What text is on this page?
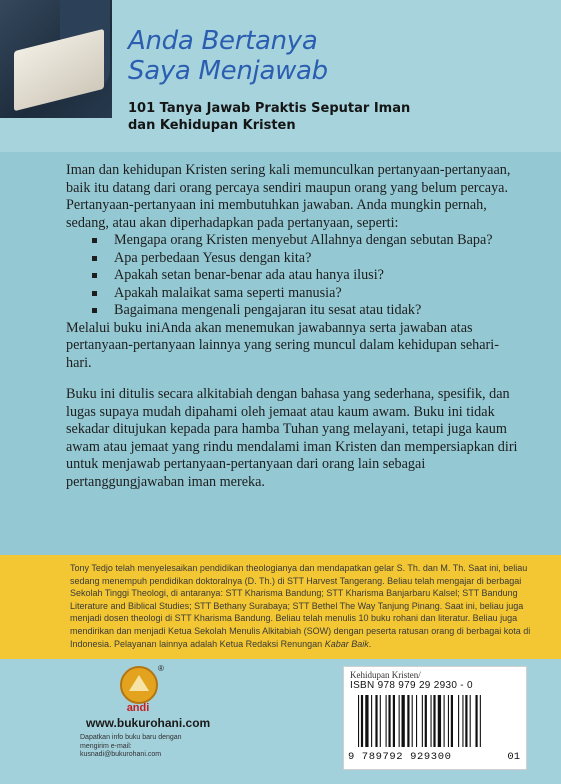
Anda Bertanya
Saya Menjawab

101 Tanya Jawab Praktis Seputar Iman
dan Kehidupan Kristen

Iman dan kehidupan Kristen sering kali memunculkan pertanyaan-pertanyaan, baik itu datang dari orang percaya sendiri maupun orang yang belum percaya. Pertanyaan-pertanyaan ini membutuhkan jawaban. Anda mungkin pernah, sedang, atau akan diperhadapkan pada pertanyaan, seperti:

Mengapa orang Kristen menyebut Allahnya dengan sebutan Bapa?
Apa perbedaan Yesus dengan kita?
Apakah setan benar-benar ada atau hanya ilusi?
Apakah malaikat sama seperti manusia?
Bagaimana mengenali pengajaran itu sesat atau tidak?

Melalui buku iniAnda akan menemukan jawabannya serta jawaban atas pertanyaan-pertanyaan lainnya yang sering muncul dalam kehidupan sehari-hari.

Buku ini ditulis secara alkitabiah dengan bahasa yang sederhana, spesifik, dan lugas supaya mudah dipahami oleh jemaat atau kaum awam. Buku ini tidak sekadar ditujukan kepada para hamba Tuhan yang melayani, tetapi juga kaum awam atau jemaat yang rindu mendalami iman Kristen dan mempersiapkan diri untuk menjawab pertanyaan-pertanyaan dari orang lain sebagai pertanggungjawaban iman mereka.

Tony Tedjo telah menyelesaikan pendidikan theologianya dan mendapatkan gelar S. Th. dan M. Th. Saat ini, beliau sedang menempuh pendidikan doktoralnya (D. Th.) di STT Harvest Tangerang. Beliau telah mengajar di berbagai Sekolah Tinggi Theologi, di antaranya: STT Kharisma Bandung; STT Kharisma Banjarbaru Kalsel; STT Bandung Literature and Biblical Studies; STT Bethany Surabaya; STT Bethel The Way Tanjung Pinang. Saat ini, beliau juga menjadi dosen theologi di STT Kharisma Bandung. Beliau telah menulis 10 buku rohani dan literatur. Beliau juga mendirikan dan menjadi Ketua Sekolah Menulis Alkitabiah (SOW) dengan peserta ratusan orang di berbagai kota di Indonesia. Pelayanan lainnya adalah Ketua Redaksi Renungan Kabar Baik.

®
andi
www.bukurohani.com
Dapatkan info buku baru dengan mengirim e-mail: kusnadi@bukurohani.com
Kehidupan Kristen/
ISBN 978 979 29 2930 - 0
9 789792 929300	01
